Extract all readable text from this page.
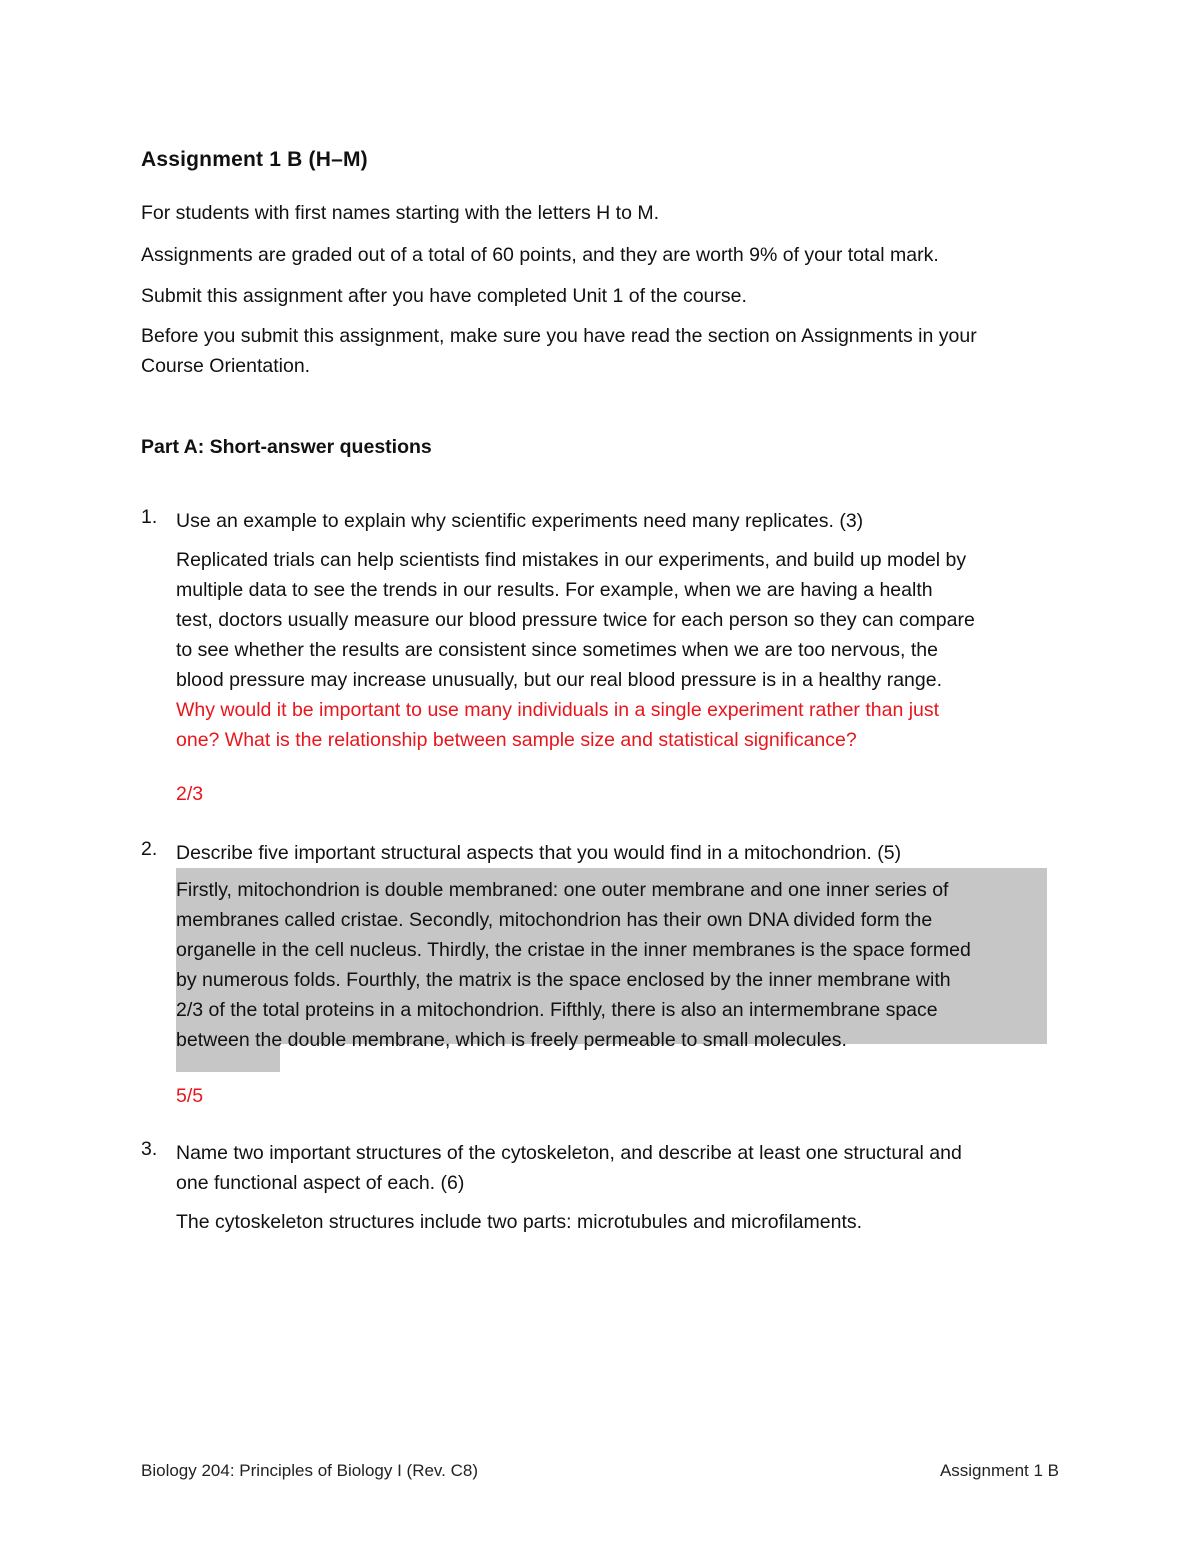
Assignment 1 B (H–M)
For students with first names starting with the letters H to M.
Assignments are graded out of a total of 60 points, and they are worth 9% of your total mark.
Submit this assignment after you have completed Unit 1 of the course.
Before you submit this assignment, make sure you have read the section on Assignments in your
Course Orientation.
Part A: Short-answer questions
1. Use an example to explain why scientific experiments need many replicates. (3)
Replicated trials can help scientists find mistakes in our experiments, and build up model by
multiple data to see the trends in our results. For example, when we are having a health
test, doctors usually measure our blood pressure twice for each person so they can compare
to see whether the results are consistent since sometimes when we are too nervous, the
blood pressure may increase unusually, but our real blood pressure is in a healthy range.
Why would it be important to use many individuals in a single experiment rather than just
one? What is the relationship between sample size and statistical significance?
2/3
2. Describe five important structural aspects that you would find in a mitochondrion. (5)
Firstly, mitochondrion is double membraned: one outer membrane and one inner series of
membranes called cristae. Secondly, mitochondrion has their own DNA divided form the
organelle in the cell nucleus. Thirdly, the cristae in the inner membranes is the space formed
by numerous folds. Fourthly, the matrix is the space enclosed by the inner membrane with
2/3 of the total proteins in a mitochondrion. Fifthly, there is also an intermembrane space
between the double membrane, which is freely permeable to small molecules.
5/5
3. Name two important structures of the cytoskeleton, and describe at least one structural and
one functional aspect of each. (6)
The cytoskeleton structures include two parts: microtubules and microfilaments.
Biology 204: Principles of Biology I (Rev. C8)	Assignment 1 B
